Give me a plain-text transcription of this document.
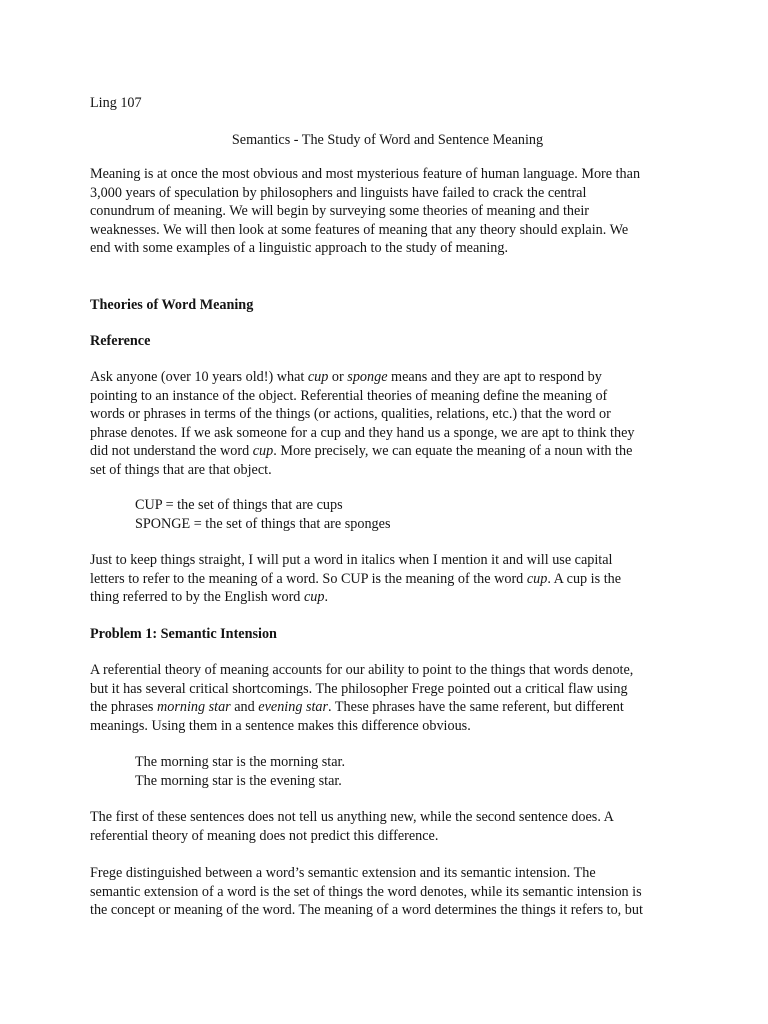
Ling 107

Semantics - The Study of Word and Sentence Meaning

Meaning is at once the most obvious and most mysterious feature of human language. More than

3,000 years of speculation by philosophers and linguists have failed to crack the central

conundrum of meaning. We will begin by surveying some theories of meaning and their

weaknesses. We will then look at some features of meaning that any theory should explain. We

end with some examples of a linguistic approach to the study of meaning.

Theories of Word Meaning

Reference

Ask anyone (over 10 years old!) what cup or sponge means and they are apt to respond by

pointing to an instance of the object. Referential theories of meaning define the meaning of

words or phrases in terms of the things (or actions, qualities, relations, etc.) that the word or

phrase denotes. If we ask someone for a cup and they hand us a sponge, we are apt to think they

did not understand the word cup. More precisely, we can equate the meaning of a noun with the

set of things that are that object.

CUP = the set of things that are cups

SPONGE = the set of things that are sponges

Just to keep things straight, I will put a word in italics when I mention it and will use capital

letters to refer to the meaning of a word. So CUP is the meaning of the word cup. A cup is the

thing referred to by the English word cup.

Problem 1: Semantic Intension

A referential theory of meaning accounts for our ability to point to the things that words denote,

but it has several critical shortcomings. The philosopher Frege pointed out a critical flaw using

the phrases morning star and evening star. These phrases have the same referent, but different

meanings. Using them in a sentence makes this difference obvious.

The morning star is the morning star.

The morning star is the evening star.

The first of these sentences does not tell us anything new, while the second sentence does. A

referential theory of meaning does not predict this difference.

Frege distinguished between a word’s semantic extension and its semantic intension. The

semantic extension of a word is the set of things the word denotes, while its semantic intension is

the concept or meaning of the word. The meaning of a word determines the things it refers to, but
